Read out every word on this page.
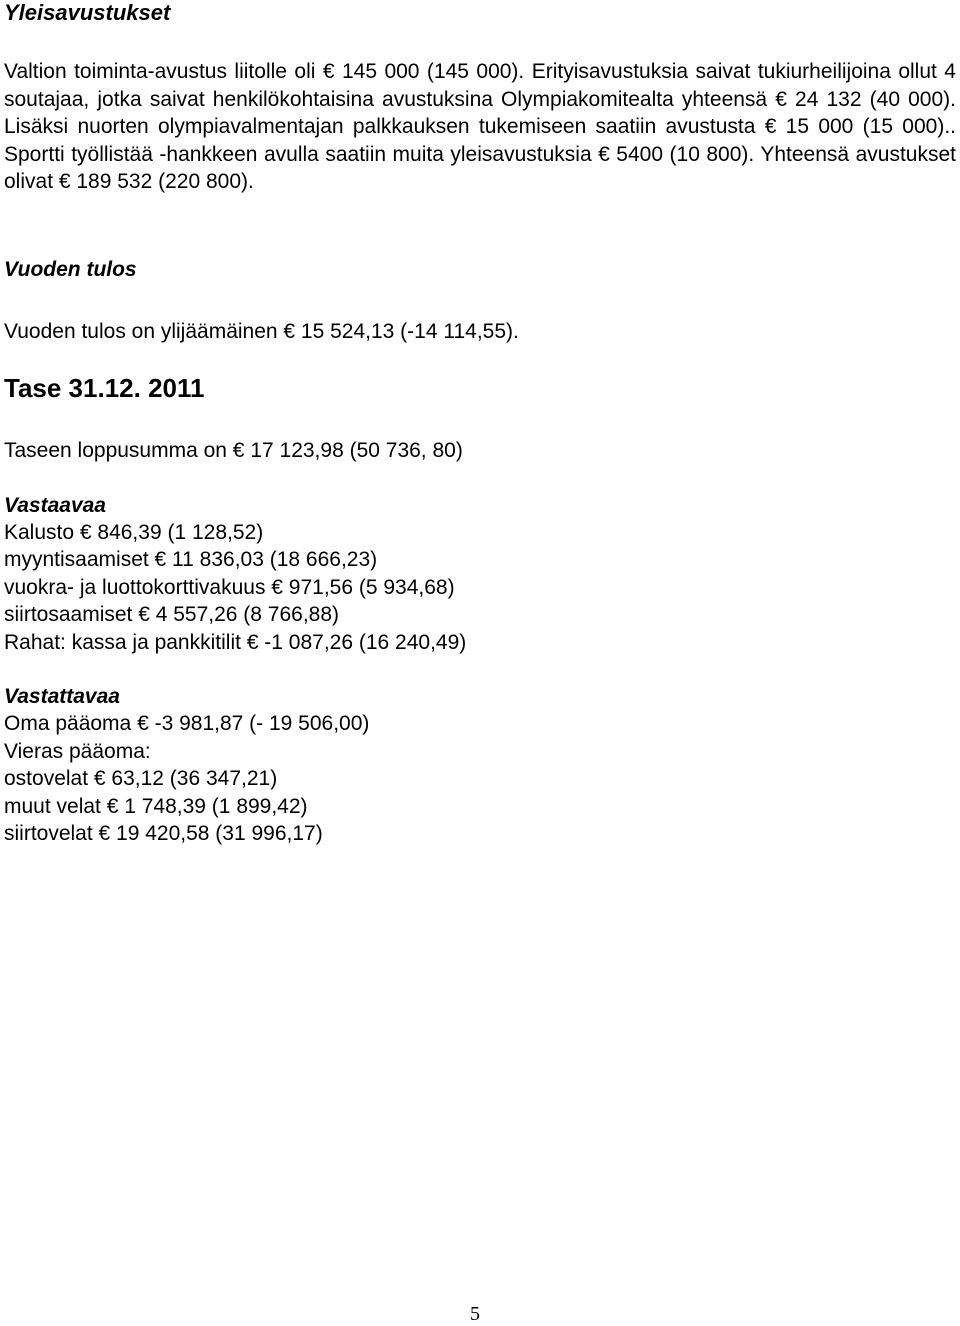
Yleisavustukset
Valtion toiminta-avustus liitolle oli € 145 000 (145 000). Erityisavustuksia saivat tukiurheilijoina ollut 4 soutajaa, jotka saivat henkilökohtaisina avustuksina Olympiakomitealta yhteensä € 24 132 (40 000). Lisäksi nuorten olympiavalmentajan palkkauksen tukemiseen saatiin avustusta € 15 000 (15 000).. Sportti työllistää -hankkeen avulla saatiin muita yleisavustuksia € 5400 (10 800). Yhteensä avustukset olivat € 189 532 (220 800).
Vuoden tulos
Vuoden tulos on ylijäämäinen € 15 524,13 (-14 114,55).
Tase 31.12. 2011
Taseen loppusumma on € 17 123,98 (50 736, 80)
Vastaavaa
Kalusto € 846,39 (1 128,52)
myyntisaamiset € 11 836,03 (18 666,23)
vuokra- ja luottokorttivakuus € 971,56 (5 934,68)
siirtosaamiset € 4 557,26 (8 766,88)
Rahat: kassa ja pankkitilit € -1 087,26 (16 240,49)
Vastattavaa
Oma pääoma € -3 981,87 (- 19 506,00)
Vieras pääoma:
ostovelat € 63,12 (36 347,21)
muut velat € 1 748,39 (1 899,42)
siirtovelat € 19 420,58 (31 996,17)
5
